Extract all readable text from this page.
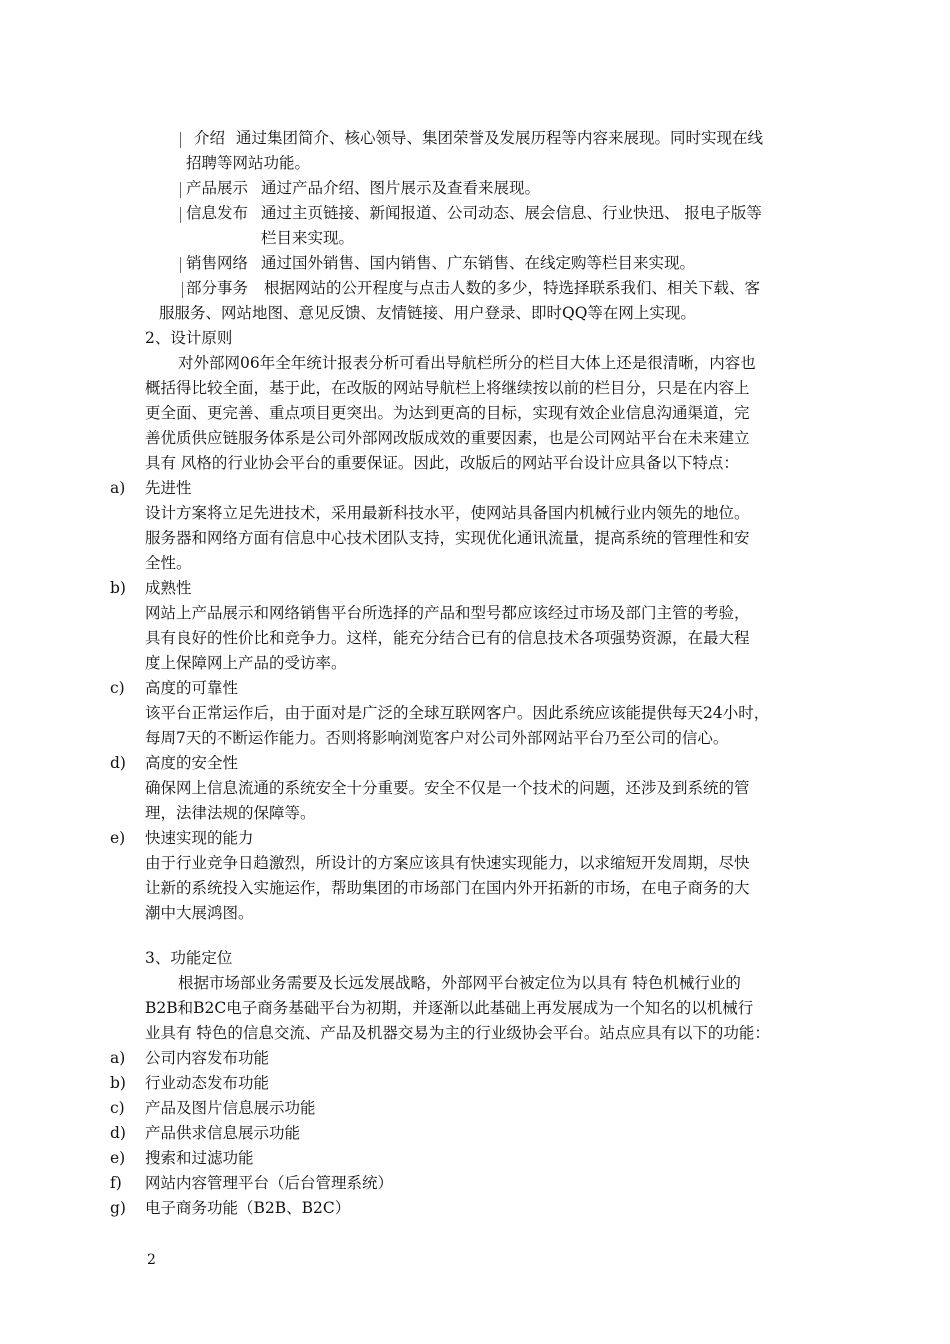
介绍 通过集团简介、核心领导、集团荣誉及发展历程等内容来展现。同时实现在线
招聘等网站功能。
产品展示 通过产品介绍、图片展示及查看来展现。
信息发布 通过主页链接、新闻报道、公司动态、展会信息、行业快迅、 报电子版等
栏目来实现。
销售网络 通过国外销售、国内销售、广东销售、在线定购等栏目来实现。
部分事务 根据网站的公开程度与点击人数的多少，特选择联系我们、相关下载、客
服服务、网站地图、意见反馈、友情链接、用户登录、即时QQ等在网上实现。
2、设计原则
对外部网06年全年统计报表分析可看出导航栏所分的栏目大体上还是很清晰，内容也
概括得比较全面，基于此，在改版的网站导航栏上将继续按以前的栏目分，只是在内容上
更全面、更完善、重点项目更突出。为达到更高的目标，实现有效企业信息沟通渠道，完
善优质供应链服务体系是公司外部网改版成效的重要因素，也是公司网站平台在未来建立
具有 风格的行业协会平台的重要保证。因此，改版后的网站平台设计应具备以下特点：
a) 先进性
设计方案将立足先进技术，采用最新科技水平，使网站具备国内机械行业内领先的地位。
服务器和网络方面有信息中心技术团队支持，实现优化通讯流量，提高系统的管理性和安
全性。
b) 成熟性
网站上产品展示和网络销售平台所选择的产品和型号都应该经过市场及部门主管的考验，
具有良好的性价比和竞争力。这样，能充分结合已有的信息技术各项强势资源，在最大程
度上保障网上产品的受访率。
c) 高度的可靠性
该平台正常运作后，由于面对是广泛的全球互联网客户。因此系统应该能提供每天24小时，
每周7天的不断运作能力。否则将影响浏览客户对公司外部网站平台乃至公司的信心。
d) 高度的安全性
确保网上信息流通的系统安全十分重要。安全不仅是一个技术的问题，还涉及到系统的管
理，法律法规的保障等。
e) 快速实现的能力
由于行业竞争日趋激烈，所设计的方案应该具有快速实现能力，以求缩短开发周期，尽快
让新的系统投入实施运作，帮助集团的市场部门在国内外开拓新的市场，在电子商务的大
潮中大展鸿图。
3、功能定位
根据市场部业务需要及长远发展战略，外部网平台被定位为以具有 特色机械行业的
B2B和B2C电子商务基础平台为初期，并逐渐以此基础上再发展成为一个知名的以机械行
业具有 特色的信息交流、产品及机器交易为主的行业级协会平台。站点应具有以下的功能：
a) 公司内容发布功能
b) 行业动态发布功能
c) 产品及图片信息展示功能
d) 产品供求信息展示功能
e) 搜索和过滤功能
f) 网站内容管理平台（后台管理系统）
g) 电子商务功能（B2B、B2C）
2
